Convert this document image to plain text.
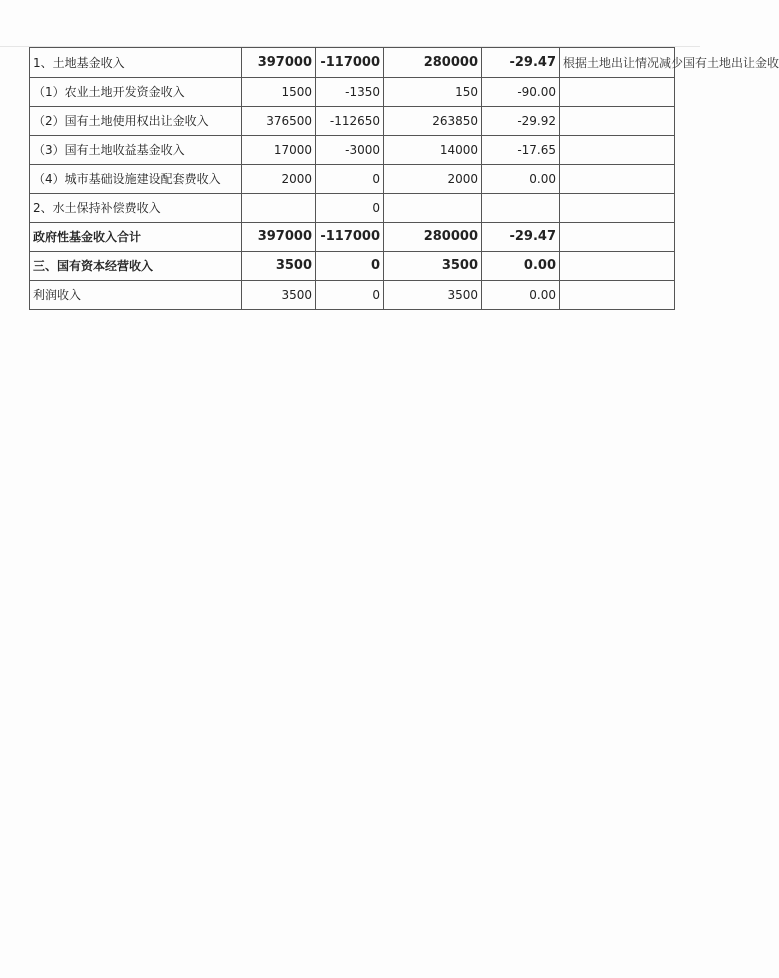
1、土地基金收入	397000	-117000	280000	-29.47	根据土地出让情况减少国有土地出让金收
（1）农业土地开发资金收入	1500	-1350	150	-90.00	
（2）国有土地使用权出让金收入	376500	-112650	263850	-29.92	
（3）国有土地收益基金收入	17000	-3000	14000	-17.65	
（4）城市基础设施建设配套费收入	2000	0	2000	0.00	
2、水土保持补偿费收入		0			
政府性基金收入合计	397000	-117000	280000	-29.47	
三、国有资本经营收入	3500	0	3500	0.00	
利润收入	3500	0	3500	0.00	
